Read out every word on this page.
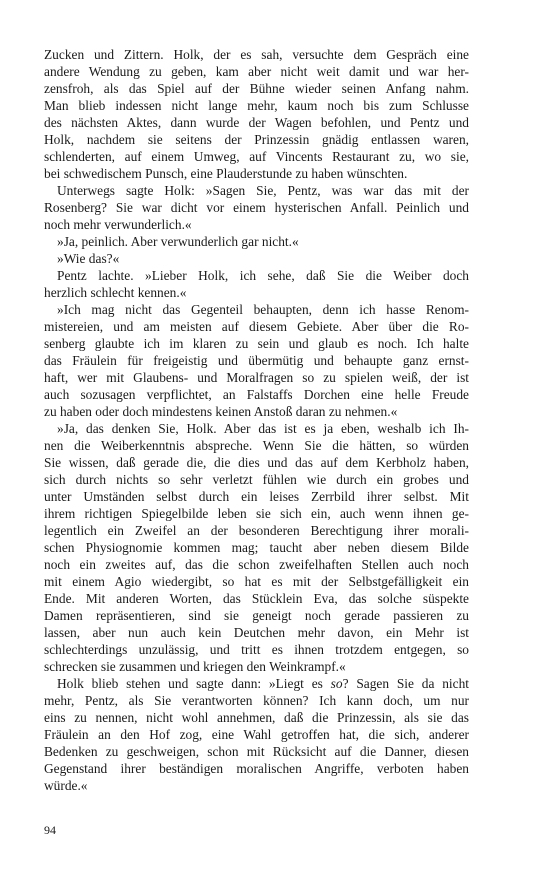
Zucken und Zittern. Holk, der es sah, versuchte dem Gespräch eine
andere Wendung zu geben, kam aber nicht weit damit und war her-
zensfroh, als das Spiel auf der Bühne wieder seinen Anfang nahm.
Man blieb indessen nicht lange mehr, kaum noch bis zum Schlusse
des nächsten Aktes, dann wurde der Wagen befohlen, und Pentz und
Holk, nachdem sie seitens der Prinzessin gnädig entlassen waren,
schlenderten, auf einem Umweg, auf Vincents Restaurant zu, wo sie,
bei schwedischem Punsch, eine Plauderstunde zu haben wünschten.
Unterwegs sagte Holk: »Sagen Sie, Pentz, was war das mit der
Rosenberg? Sie war dicht vor einem hysterischen Anfall. Peinlich und
noch mehr verwunderlich.«
»Ja, peinlich. Aber verwunderlich gar nicht.«
»Wie das?«
Pentz lachte. »Lieber Holk, ich sehe, daß Sie die Weiber doch
herzlich schlecht kennen.«
»Ich mag nicht das Gegenteil behaupten, denn ich hasse Renom-
mistereien, und am meisten auf diesem Gebiete. Aber über die Ro-
senberg glaubte ich im klaren zu sein und glaub es noch. Ich halte
das Fräulein für freigeistig und übermütig und behaupte ganz ernst-
haft, wer mit Glaubens- und Moralfragen so zu spielen weiß, der ist
auch sozusagen verpflichtet, an Falstaffs Dorchen eine helle Freude
zu haben oder doch mindestens keinen Anstoß daran zu nehmen.«
»Ja, das denken Sie, Holk. Aber das ist es ja eben, weshalb ich Ih-
nen die Weiberkenntnis abspreche. Wenn Sie die hätten, so würden
Sie wissen, daß gerade die, die dies und das auf dem Kerbholz haben,
sich durch nichts so sehr verletzt fühlen wie durch ein grobes und
unter Umständen selbst durch ein leises Zerrbild ihrer selbst. Mit
ihrem richtigen Spiegelbilde leben sie sich ein, auch wenn ihnen ge-
legentlich ein Zweifel an der besonderen Berechtigung ihrer morali-
schen Physiognomie kommen mag; taucht aber neben diesem Bilde
noch ein zweites auf, das die schon zweifelhaften Stellen auch noch
mit einem Agio wiedergibt, so hat es mit der Selbstgefälligkeit ein
Ende. Mit anderen Worten, das Stücklein Eva, das solche süspekte
Damen repräsentieren, sind sie geneigt noch gerade passieren zu
lassen, aber nun auch kein Deutchen mehr davon, ein Mehr ist
schlechterdings unzulässig, und tritt es ihnen trotzdem entgegen, so
schrecken sie zusammen und kriegen den Weinkrampf.«
Holk blieb stehen und sagte dann: »Liegt es so? Sagen Sie da nicht
mehr, Pentz, als Sie verantworten können? Ich kann doch, um nur
eins zu nennen, nicht wohl annehmen, daß die Prinzessin, als sie das
Fräulein an den Hof zog, eine Wahl getroffen hat, die sich, anderer
Bedenken zu geschweigen, schon mit Rücksicht auf die Danner, diesen
Gegenstand ihrer beständigen moralischen Angriffe, verboten haben
würde.«
94
